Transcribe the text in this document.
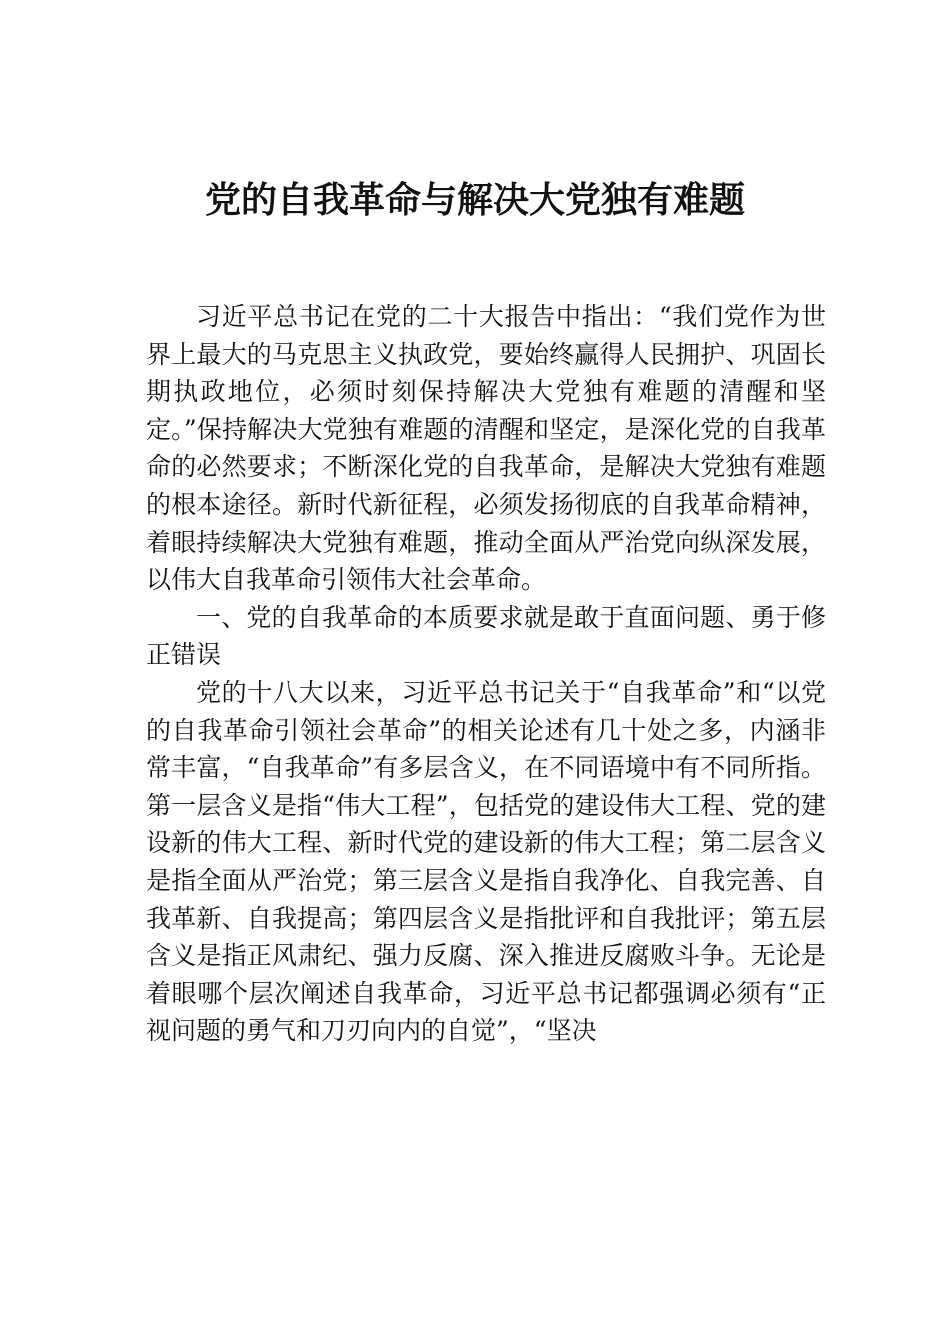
党的自我革命与解决大党独有难题

习近平总书记在党的二十大报告中指出：“我们党作为世界上最大的马克思主义执政党，要始终赢得人民拥护、巩固长期执政地位，必须时刻保持解决大党独有难题的清醒和坚定。”保持解决大党独有难题的清醒和坚定，是深化党的自我革命的必然要求；不断深化党的自我革命，是解决大党独有难题的根本途径。新时代新征程，必须发扬彻底的自我革命精神，着眼持续解决大党独有难题，推动全面从严治党向纵深发展，以伟大自我革命引领伟大社会革命。

一、党的自我革命的本质要求就是敢于直面问题、勇于修正错误

党的十八大以来，习近平总书记关于“自我革命”和“以党的自我革命引领社会革命”的相关论述有几十处之多，内涵非常丰富，“自我革命”有多层含义，在不同语境中有不同所指。第一层含义是指“伟大工程”，包括党的建设伟大工程、党的建设新的伟大工程、新时代党的建设新的伟大工程；第二层含义是指全面从严治党；第三层含义是指自我净化、自我完善、自我革新、自我提高；第四层含义是指批评和自我批评；第五层含义是指正风肃纪、强力反腐、深入推进反腐败斗争。无论是着眼哪个层次阐述自我革命，习近平总书记都强调必须有“正视问题的勇气和刀刃向内的自觉”，“坚决
